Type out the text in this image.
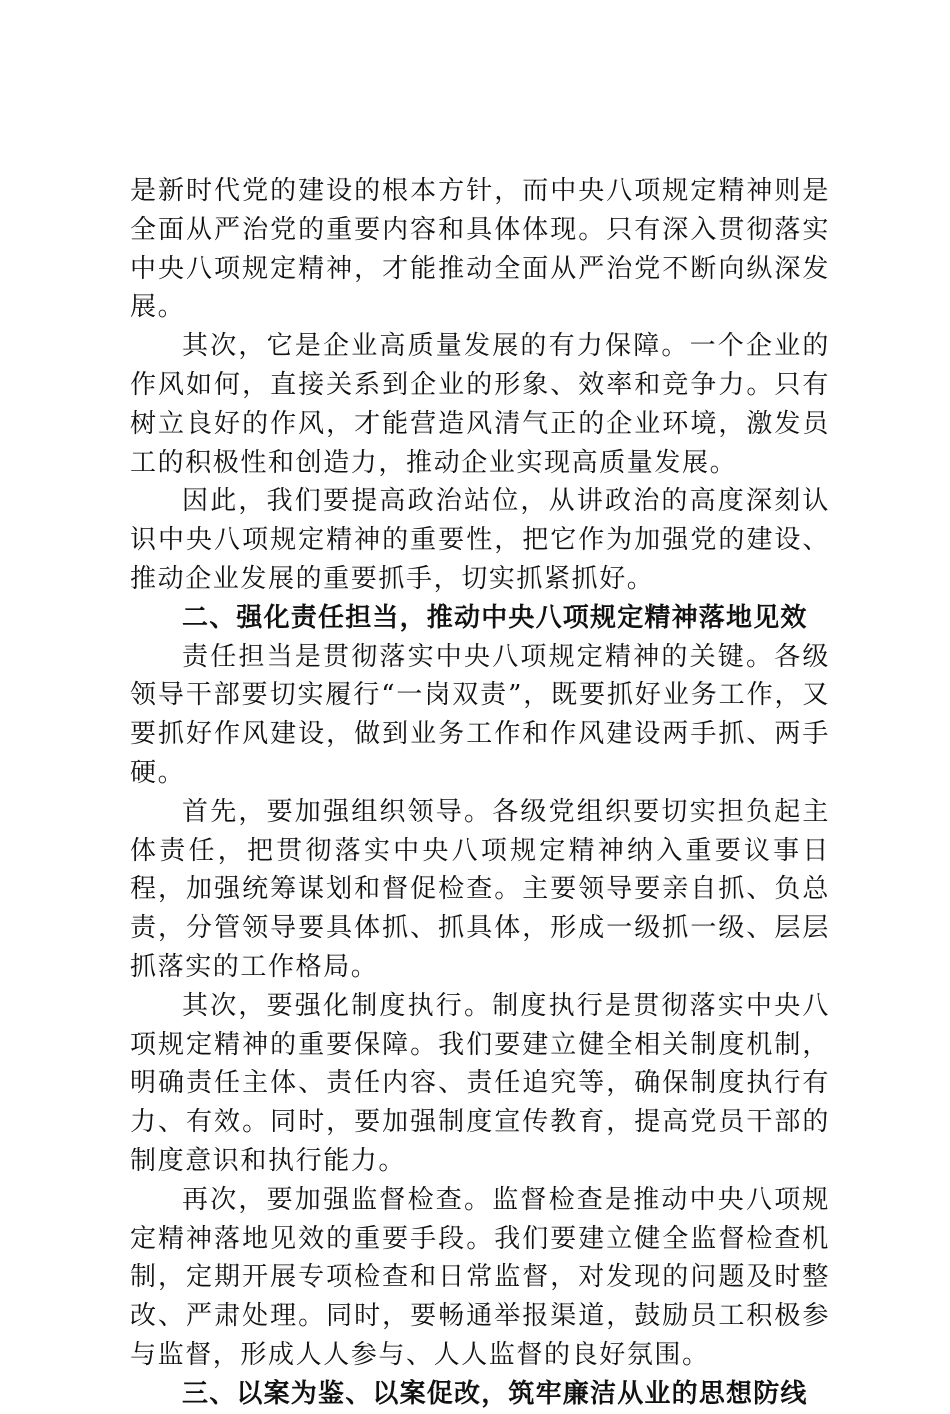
是新时代党的建设的根本方针，而中央八项规定精神则是全面从严治党的重要内容和具体体现。只有深入贯彻落实中央八项规定精神，才能推动全面从严治党不断向纵深发展。

其次，它是企业高质量发展的有力保障。一个企业的作风如何，直接关系到企业的形象、效率和竞争力。只有树立良好的作风，才能营造风清气正的企业环境，激发员工的积极性和创造力，推动企业实现高质量发展。

因此，我们要提高政治站位，从讲政治的高度深刻认识中央八项规定精神的重要性，把它作为加强党的建设、推动企业发展的重要抓手，切实抓紧抓好。

二、强化责任担当，推动中央八项规定精神落地见效

责任担当是贯彻落实中央八项规定精神的关键。各级领导干部要切实履行“一岗双责”，既要抓好业务工作，又要抓好作风建设，做到业务工作和作风建设两手抓、两手硬。

首先，要加强组织领导。各级党组织要切实担负起主体责任，把贯彻落实中央八项规定精神纳入重要议事日程，加强统筹谋划和督促检查。主要领导要亲自抓、负总责，分管领导要具体抓、抓具体，形成一级抓一级、层层抓落实的工作格局。

其次，要强化制度执行。制度执行是贯彻落实中央八项规定精神的重要保障。我们要建立健全相关制度机制，明确责任主体、责任内容、责任追究等，确保制度执行有力、有效。同时，要加强制度宣传教育，提高党员干部的制度意识和执行能力。

再次，要加强监督检查。监督检查是推动中央八项规定精神落地见效的重要手段。我们要建立健全监督检查机制，定期开展专项检查和日常监督，对发现的问题及时整改、严肃处理。同时，要畅通举报渠道，鼓励员工积极参与监督，形成人人参与、人人监督的良好氛围。

三、以案为鉴、以案促改，筑牢廉洁从业的思想防线
